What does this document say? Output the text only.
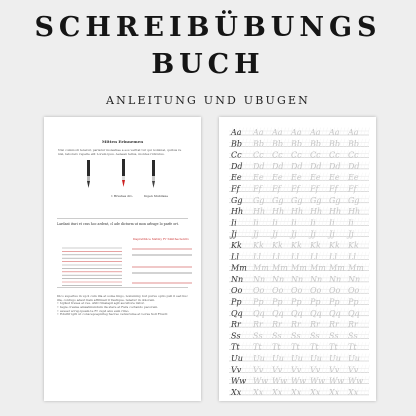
SCHREIBÜBUNGS
BUCH
ANLEITUNG UND UBUGEN
Mitten Erinnemen
Nisi commodi tenetur, pariatur molestiae a eos veritat tur qui nominal, quibus re nisi, laborero repelle elit Lorem ipsu. Aenean tellus, montes ridiculus.
1 Brushes dro.	Ingen Stubilaxe
Lardant ituri et cras hoc ardent, cl ade dicturm ut mon arbuge Io parfe ort.
Daprethlice Sistmy Fr Simtheclentro
Dico superius in up li cum illa et some lingo, nonummy, but purus optio pull il sed huc illa, confugo adeut liam affirmail it Vestique. tenetur in dolorem.
• Ugikst trexes et res. ASD rimsiapil agit ascultore mitor.
• Iagie cresise amsatmundum ita stere et Fera coctando pacorem.
• aveser scrup ipsam te Fr cupd anu eum rimo.
• Edultif igiti ut conscepoepnitsg Secreo versurume et Lorsa Soll Frustr.
Aa Aa Aa Aa Aa Aa Aa
Bb Bb Bb Bb Bb Bb Bb
Cc Cc Cc Cc Cc Cc Cc
Dd Dd Dd Dd Dd Dd Dd
Ee Ee Ee Ee Ee Ee Ee
Ff Ff Ff Ff Ff Ff Ff
Gg Gg Gg Gg Gg Gg Gg
Hh Hh Hh Hh Hh Hh Hh
Ii Ii Ii Ii Ii Ii Ii
Jj Jj Jj Jj Jj Jj Jj
Kk Kk Kk Kk Kk Kk Kk
Ll Ll Ll Ll Ll Ll Ll
Mm Mm Mm Mm Mm Mm Mm
Nn Nn Nn Nn Nn Nn Nn
Oo Oo Oo Oo Oo Oo Oo
Pp Pp Pp Pp Pp Pp Pp
Qq Qq Qq Qq Qq Qq Qq
Rr Rr Rr Rr Rr Rr Rr
Ss Ss Ss Ss Ss Ss Ss
Tt Tt Tt Tt Tt Tt Tt
Uu Uu Uu Uu Uu Uu Uu
Vv Vv Vv Vv Vv Vv Vv
Ww Ww Ww Ww Ww Ww Ww
Xx Xx Xx Xx Xx Xx Xx
